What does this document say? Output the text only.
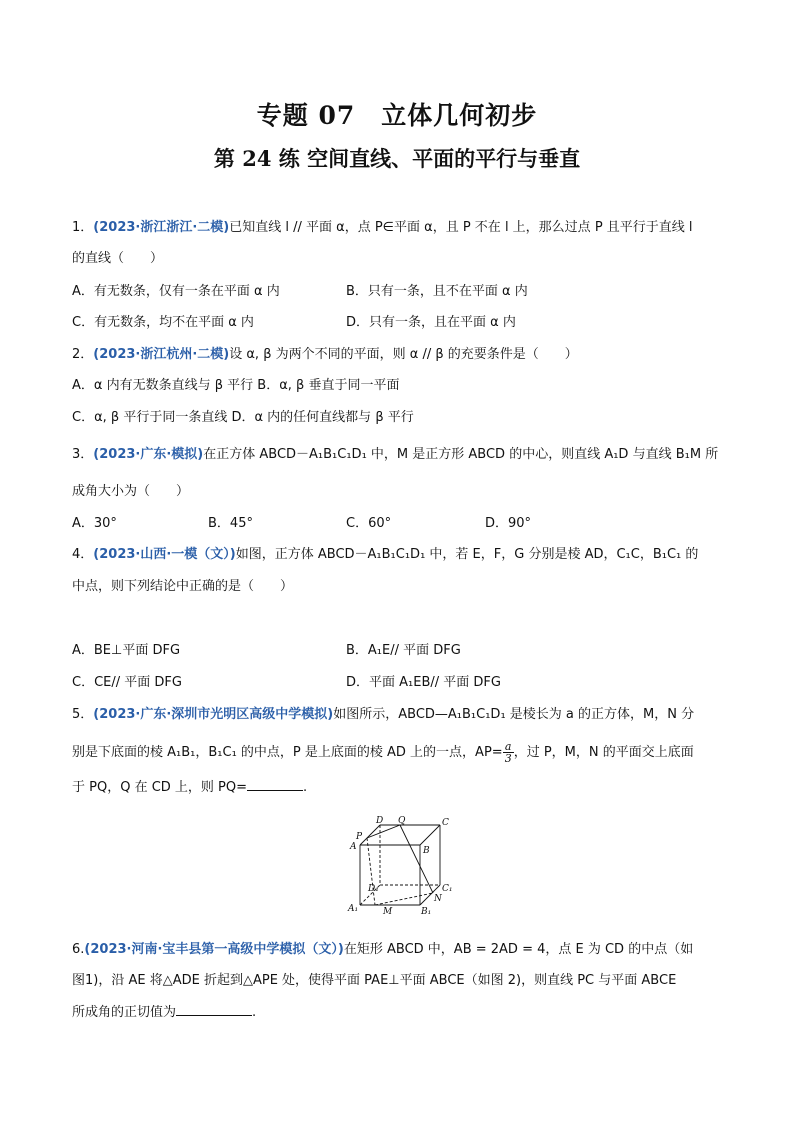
专题 07　立体几何初步
第 24 练 空间直线、平面的平行与垂直
1．(2023·浙江浙江·二模)已知直线 l // 平面 α，点 P∈平面 α，且 P 不在 l 上，那么过点 P 且平行于直线 l
的直线（　　）
A．有无数条，仅有一条在平面 α 内	B．只有一条，且不在平面 α 内
C．有无数条，均不在平面 α 内	D．只有一条，且在平面 α 内
2．(2023·浙江杭州·二模)设 α, β 为两个不同的平面，则 α // β 的充要条件是（　　）
A．α 内有无数条直线与 β 平行 B．α, β 垂直于同一平面
C．α, β 平行于同一条直线 D．α 内的任何直线都与 β 平行
3．(2023·广东·模拟)在正方体 ABCD－A₁B₁C₁D₁ 中，M 是正方形 ABCD 的中心，则直线 A₁D 与直线 B₁M 所
成角大小为（　　）
A．30°	B．45°	C．60°	D．90°
4．(2023·山西·一模（文）)如图，正方体 ABCD－A₁B₁C₁D₁ 中，若 E，F，G 分别是棱 AD，C₁C，B₁C₁ 的
中点，则下列结论中正确的是（　　）
A．BE⊥平面 DFG	B．A₁E// 平面 DFG
C．CE// 平面 DFG	D．平面 A₁EB// 平面 DFG
5．(2023·广东·深圳市光明区高级中学模拟)如图所示，ABCD—A₁B₁C₁D₁ 是棱长为 a 的正方体，M，N 分
别是下底面的棱 A₁B₁，B₁C₁ 的中点，P 是上底面的棱 AD 上的一点，$AP= \frac{a}{3}$ ，过 P，M，N 的平面交上底面
于 PQ，Q 在 CD 上，则 PQ=	.
D Q	C
P
A	B
D₁	C₁
N
A₁	M	B₁
6.(2023·河南·宝丰县第一高级中学模拟（文）)在矩形 ABCD 中，AB = 2AD = 4，点 E 为 CD 的中点（如
图1)，沿 AE 将△ADE 折起到△APE 处，使得平面 PAE⊥平面 ABCE（如图 2)，则直线 PC 与平面 ABCE
所成角的正切值为	.
